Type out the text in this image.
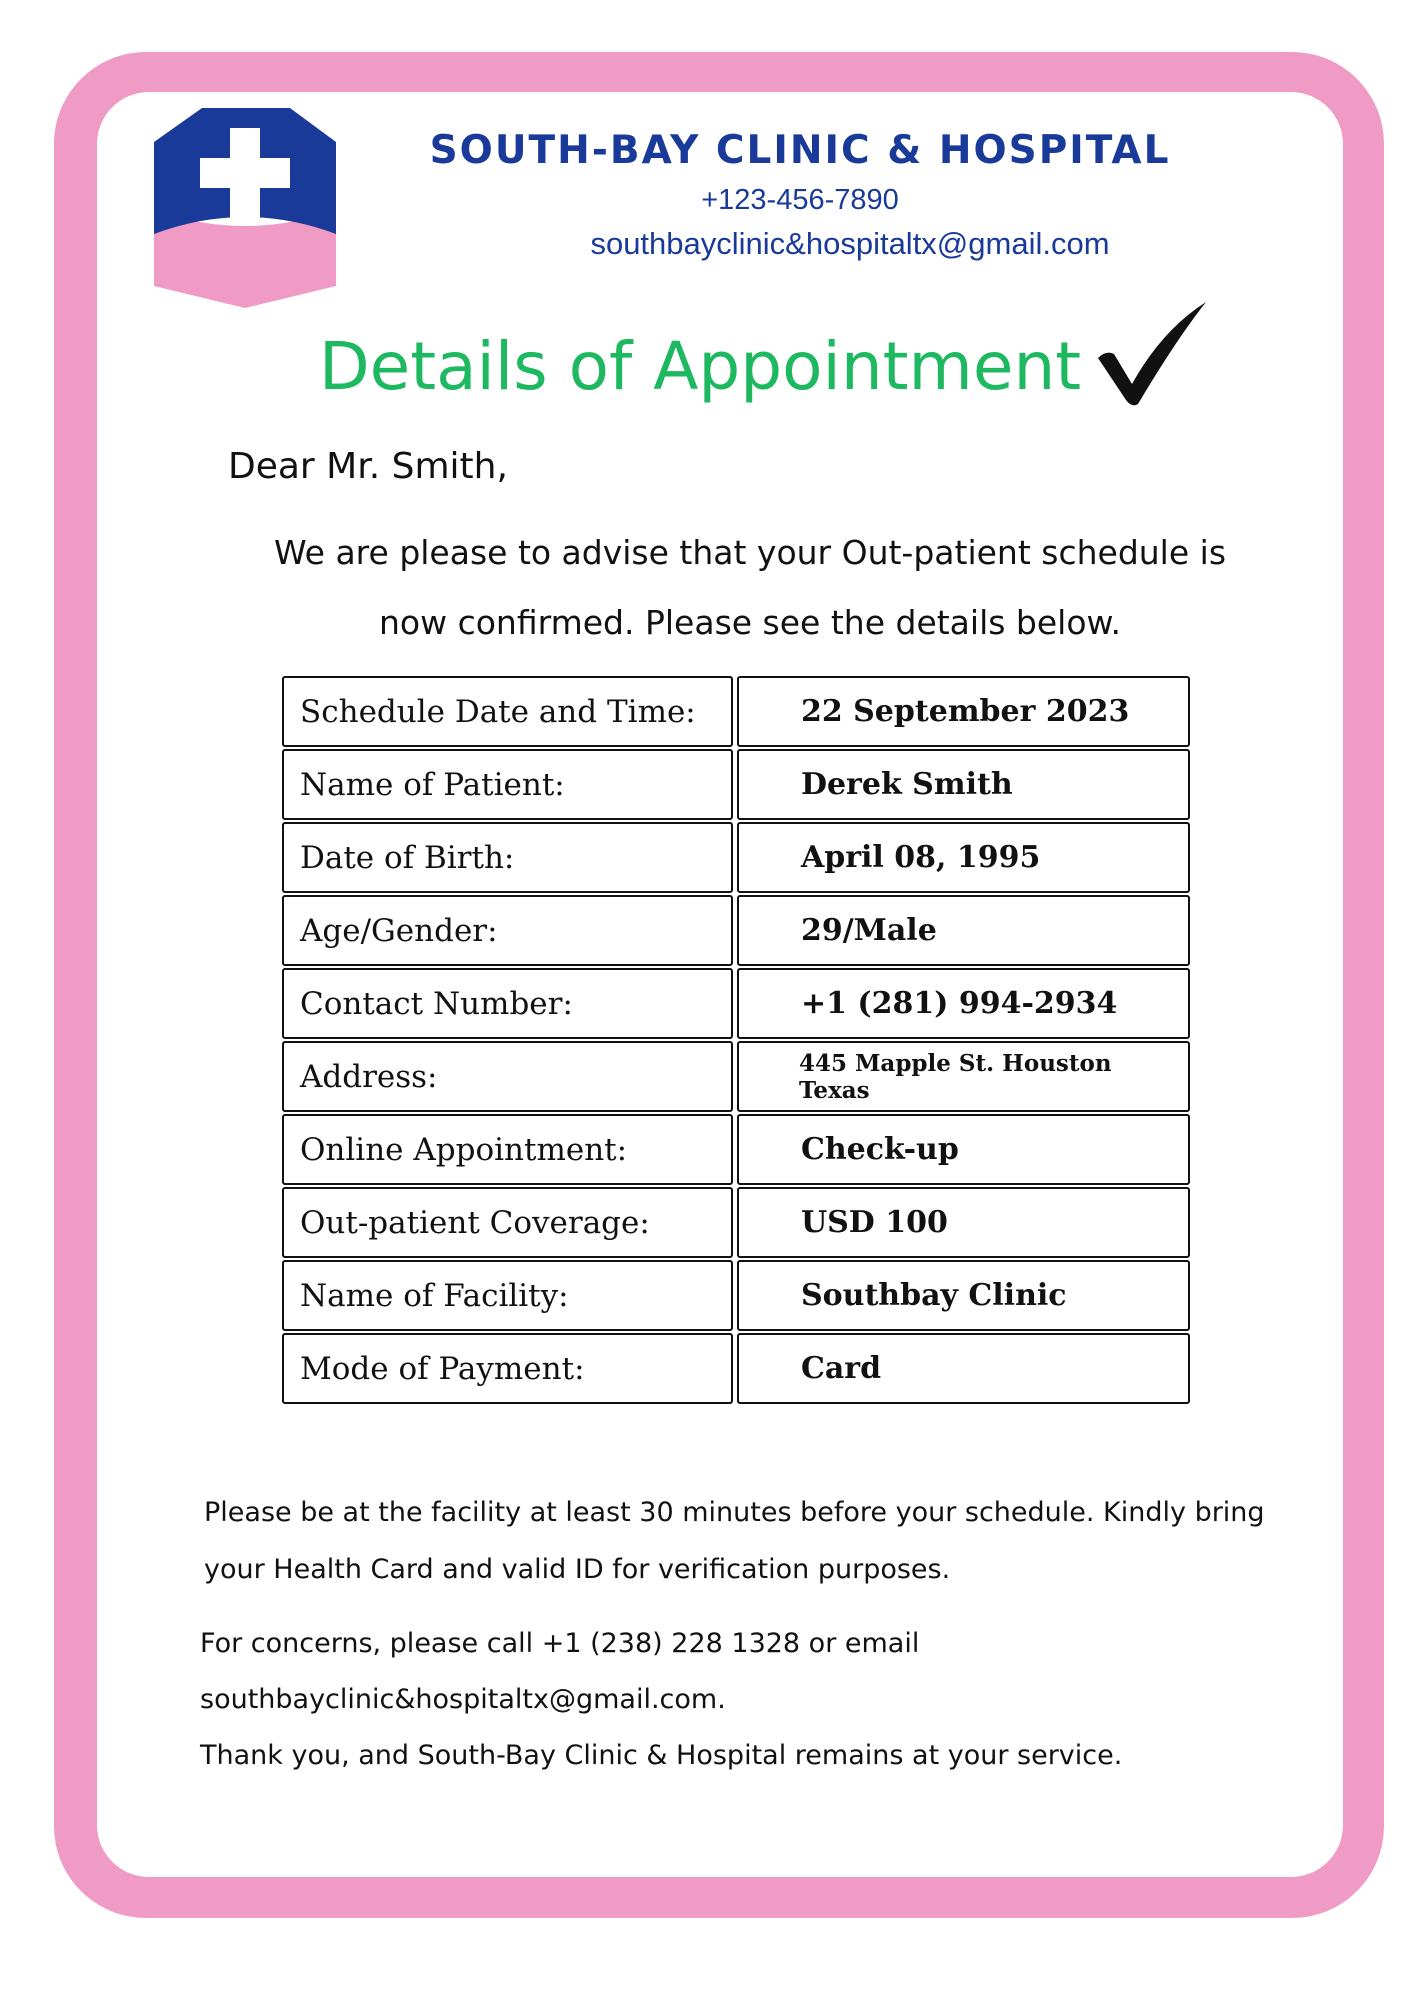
SOUTH-BAY CLINIC & HOSPITAL
+123-456-7890
southbayclinic&hospitaltx@gmail.com
Details of Appointment
Dear Mr. Smith,
We are please to advise that your Out-patient schedule is
now confirmed. Please see the details below.
Schedule Date and Time:	22 September 2023
Name of Patient:	Derek Smith
Date of Birth:	April 08, 1995
Age/Gender:	29/Male
Contact Number:	+1 (281) 994-2934
Address:	445 Mapple St. Houston Texas
Online Appointment:	Check-up
Out-patient Coverage:	USD 100
Name of Facility:	Southbay Clinic
Mode of Payment:	Card
Please be at the facility at least 30 minutes before your schedule. Kindly bring
your Health Card and valid ID for verification purposes.
For concerns, please call +1 (238) 228 1328 or email
southbayclinic&hospitaltx@gmail.com.
Thank you, and South-Bay Clinic & Hospital remains at your service.
